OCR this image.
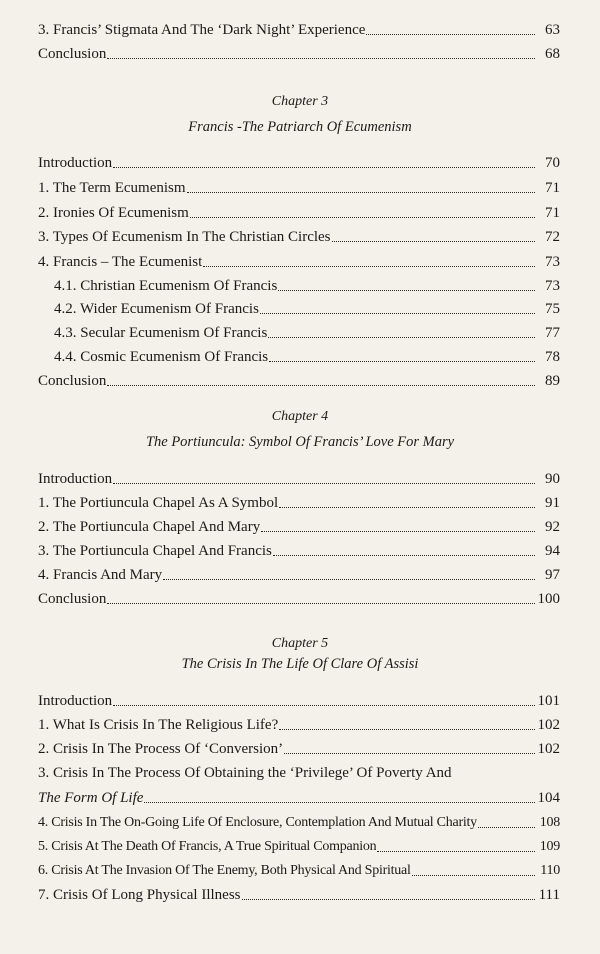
3. Francis’ Stigmata And The ‘Dark Night’ Experience	63
Conclusion	68
Chapter 3
Francis -The Patriarch Of Ecumenism
Introduction	70
1. The Term Ecumenism	71
2. Ironies Of Ecumenism	71
3. Types Of Ecumenism In The Christian Circles	72
4. Francis – The Ecumenist	73
4.1. Christian Ecumenism Of Francis	73
4.2. Wider Ecumenism Of Francis	75
4.3. Secular Ecumenism Of Francis	77
4.4. Cosmic Ecumenism Of Francis	78
Conclusion	89
Chapter 4
The Portiuncula: Symbol Of Francis’ Love For Mary
Introduction	90
1. The Portiuncula Chapel As A Symbol	91
2. The Portiuncula Chapel And Mary	92
3. The Portiuncula Chapel And Francis	94
4. Francis And Mary	97
Conclusion	100
Chapter 5
The Crisis In The Life Of Clare Of Assisi
Introduction	101
1. What Is Crisis In The Religious Life?	102
2. Crisis In The Process Of ‘Conversion’	102
3. Crisis In The Process Of Obtaining the ‘Privilege’ Of Poverty And
The Form Of Life	104
4. Crisis In The On-Going Life Of Enclosure, Contemplation And Mutual Charity	108
5. Crisis At The Death Of Francis, A True Spiritual Companion	109
6. Crisis At The Invasion Of The Enemy, Both Physical And Spiritual	110
7. Crisis Of Long Physical Illness	111
